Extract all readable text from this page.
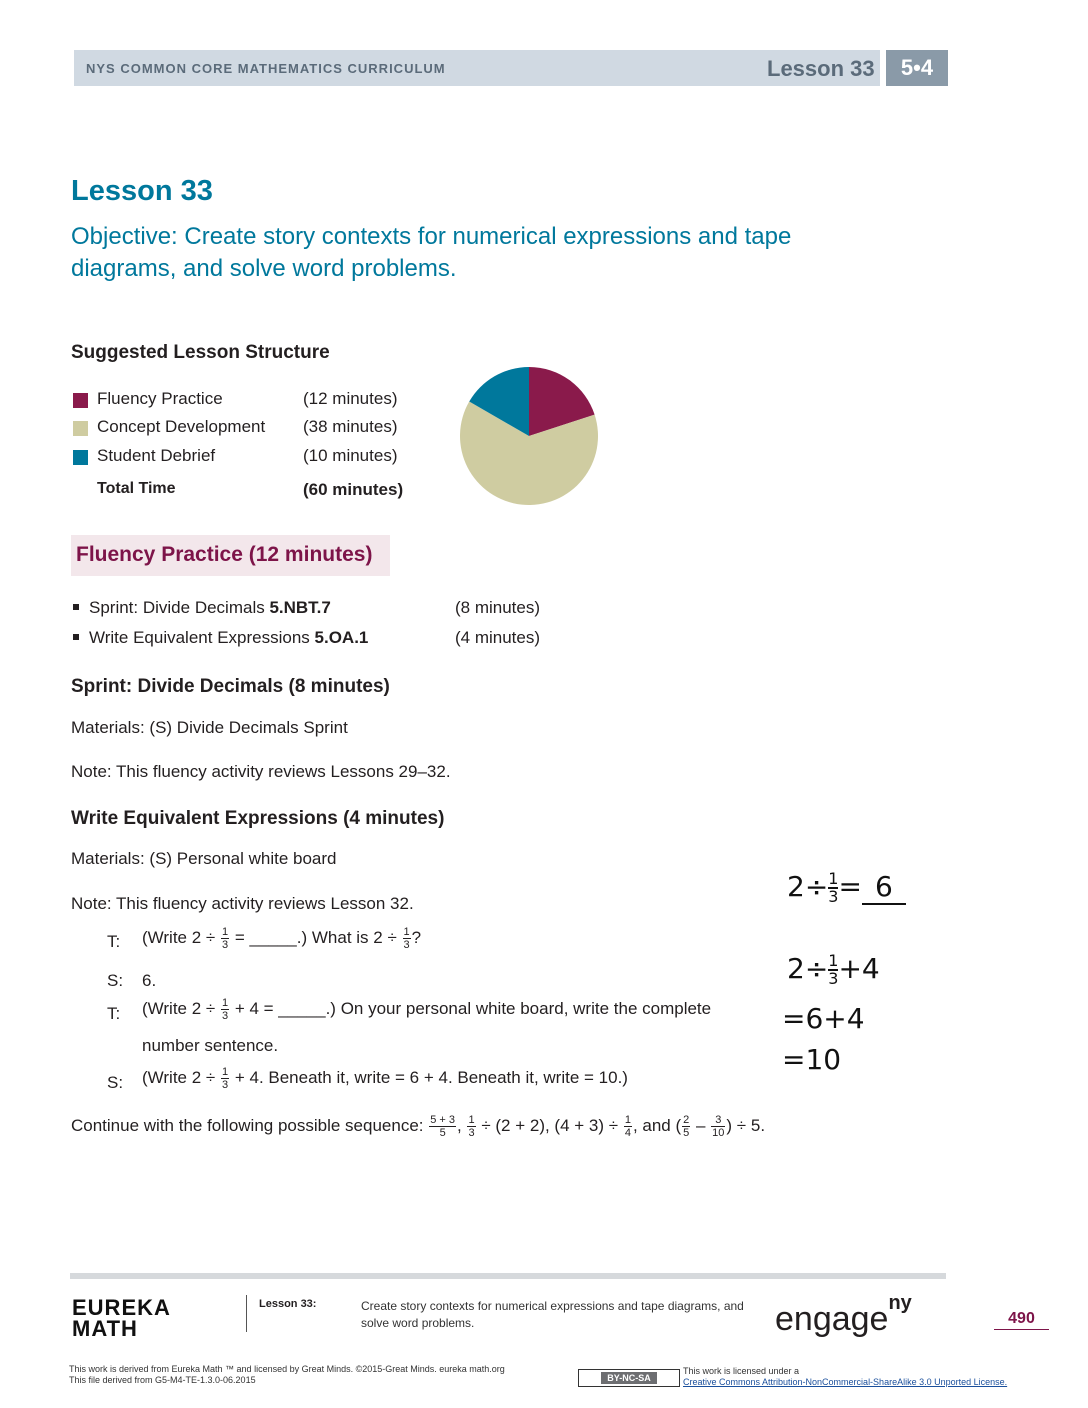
NYS COMMON CORE MATHEMATICS CURRICULUM	Lesson 33	5•4
Lesson 33
Objective: Create story contexts for numerical expressions and tape diagrams, and solve word problems.
Suggested Lesson Structure
Fluency Practice	(12 minutes)
Concept Development (38 minutes)
Student Debrief	(10 minutes)
Total Time	(60 minutes)
Fluency Practice (12 minutes)
Sprint: Divide Decimals 5.NBT.7	(8 minutes)
Write Equivalent Expressions 5.OA.1	(4 minutes)
Sprint: Divide Decimals (8 minutes)
Materials: (S) Divide Decimals Sprint
Note: This fluency activity reviews Lessons 29–32.
Write Equivalent Expressions (4 minutes)
Materials: (S) Personal white board
Note: This fluency activity reviews Lesson 32.
T: (Write $2 \div \frac{1}{3}$ = _____.) What is $2 \div \frac{1}{3}$ ?
S: 6.
T: (Write $2 \div \frac{1}{3} + 4$ = _____.) On your personal white board, write the complete
number sentence.
S: (Write $2 \div \frac{1}{3} + 4$. Beneath it, write = 6 + 4. Beneath it, write = 10.)
Continue with the following possible sequence: $\frac{5 + 3}{5}$ , $\frac{1}{3} \div (2 + 2)$, $(4 + 3) \div \frac{1}{4}$ , and ( $\frac{2}{5} - \frac{3}{10}$ ) ÷ 5.
$2\div \frac{1}{3} = 6$
$2\div \frac{1}{3} +4$
=6+4
=10
EUREKA
MATH
Lesson 33:	Create story contexts for numerical expressions and tape diagrams, and solve word problems.	engage$^{ny}$
490
This work is derived from Eureka Math ™ and licensed by Great Minds. ©2015-Great Minds. eureka math.org
This file derived from G5-M4-TE-1.3.0-06.2015	BY-NC-SA
This work is licensed under a
Creative Commons Attribution-NonCommercial-ShareAlike 3.0 Unported License.
